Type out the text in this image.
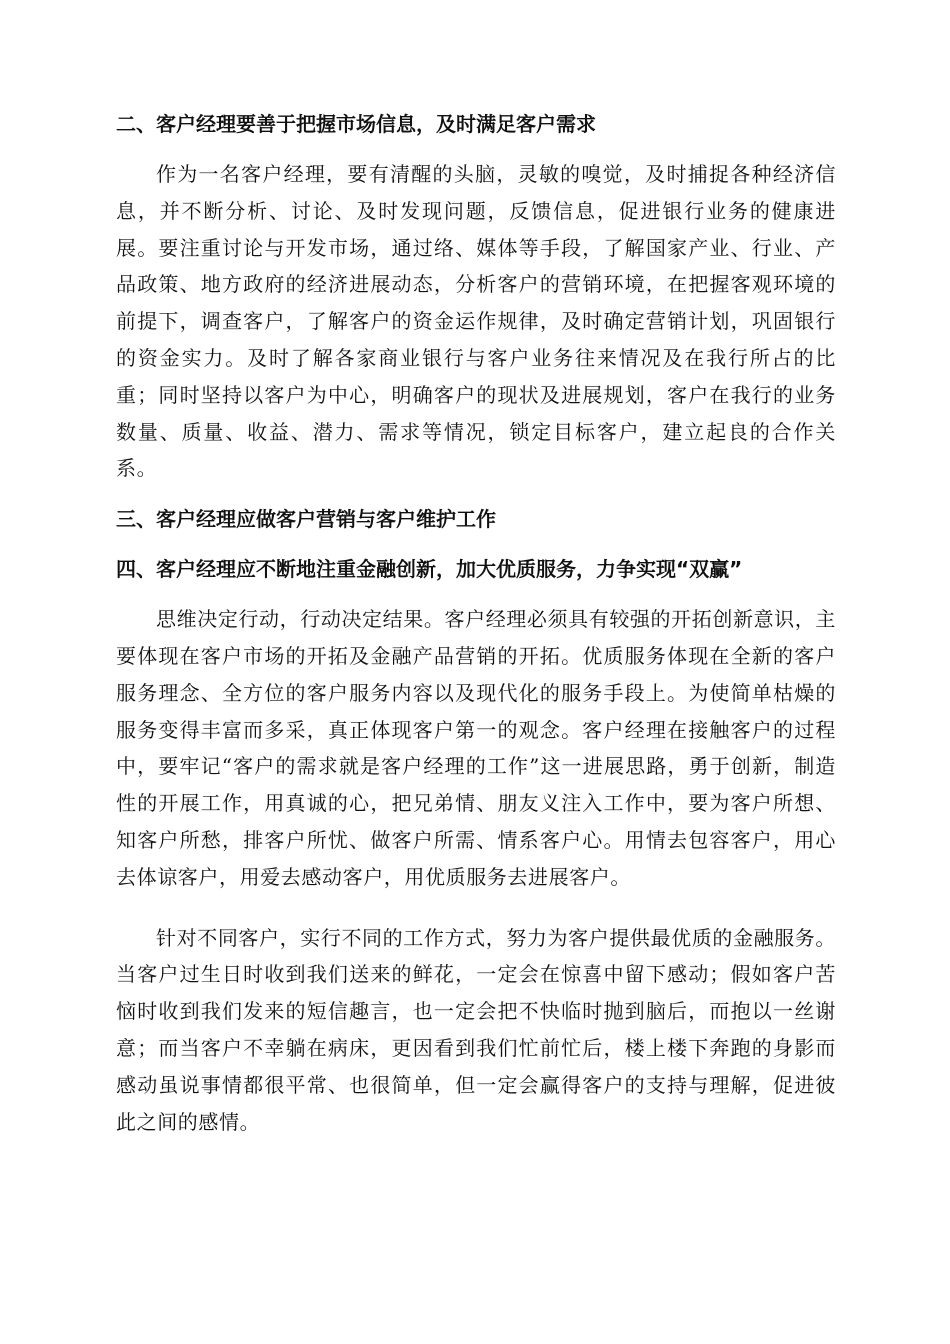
二、客户经理要善于把握市场信息，及时满足客户需求

作为一名客户经理，要有清醒的头脑，灵敏的嗅觉，及时捕捉各种经济信息，并不断分析、讨论、及时发现问题，反馈信息，促进银行业务的健康进展。要注重讨论与开发市场，通过络、媒体等手段，了解国家产业、行业、产品政策、地方政府的经济进展动态，分析客户的营销环境，在把握客观环境的前提下，调查客户，了解客户的资金运作规律，及时确定营销计划，巩固银行的资金实力。及时了解各家商业银行与客户业务往来情况及在我行所占的比重；同时坚持以客户为中心，明确客户的现状及进展规划，客户在我行的业务数量、质量、收益、潜力、需求等情况，锁定目标客户，建立起良的合作关系。

三、客户经理应做客户营销与客户维护工作
四、客户经理应不断地注重金融创新，加大优质服务，力争实现“双赢”

思维决定行动，行动决定结果。客户经理必须具有较强的开拓创新意识，主要体现在客户市场的开拓及金融产品营销的开拓。优质服务体现在全新的客户服务理念、全方位的客户服务内容以及现代化的服务手段上。为使简单枯燥的服务变得丰富而多采，真正体现客户第一的观念。客户经理在接触客户的过程中，要牢记“客户的需求就是客户经理的工作”这一进展思路，勇于创新，制造性的开展工作，用真诚的心，把兄弟情、朋友义注入工作中，要为客户所想、知客户所愁，排客户所忧、做客户所需、情系客户心。用情去包容客户，用心去体谅客户，用爱去感动客户，用优质服务去进展客户。

针对不同客户，实行不同的工作方式，努力为客户提供最优质的金融服务。当客户过生日时收到我们送来的鲜花，一定会在惊喜中留下感动；假如客户苦恼时收到我们发来的短信趣言，也一定会把不快临时抛到脑后，而抱以一丝谢意；而当客户不幸躺在病床，更因看到我们忙前忙后，楼上楼下奔跑的身影而感动虽说事情都很平常、也很简单，但一定会赢得客户的支持与理解，促进彼此之间的感情。
